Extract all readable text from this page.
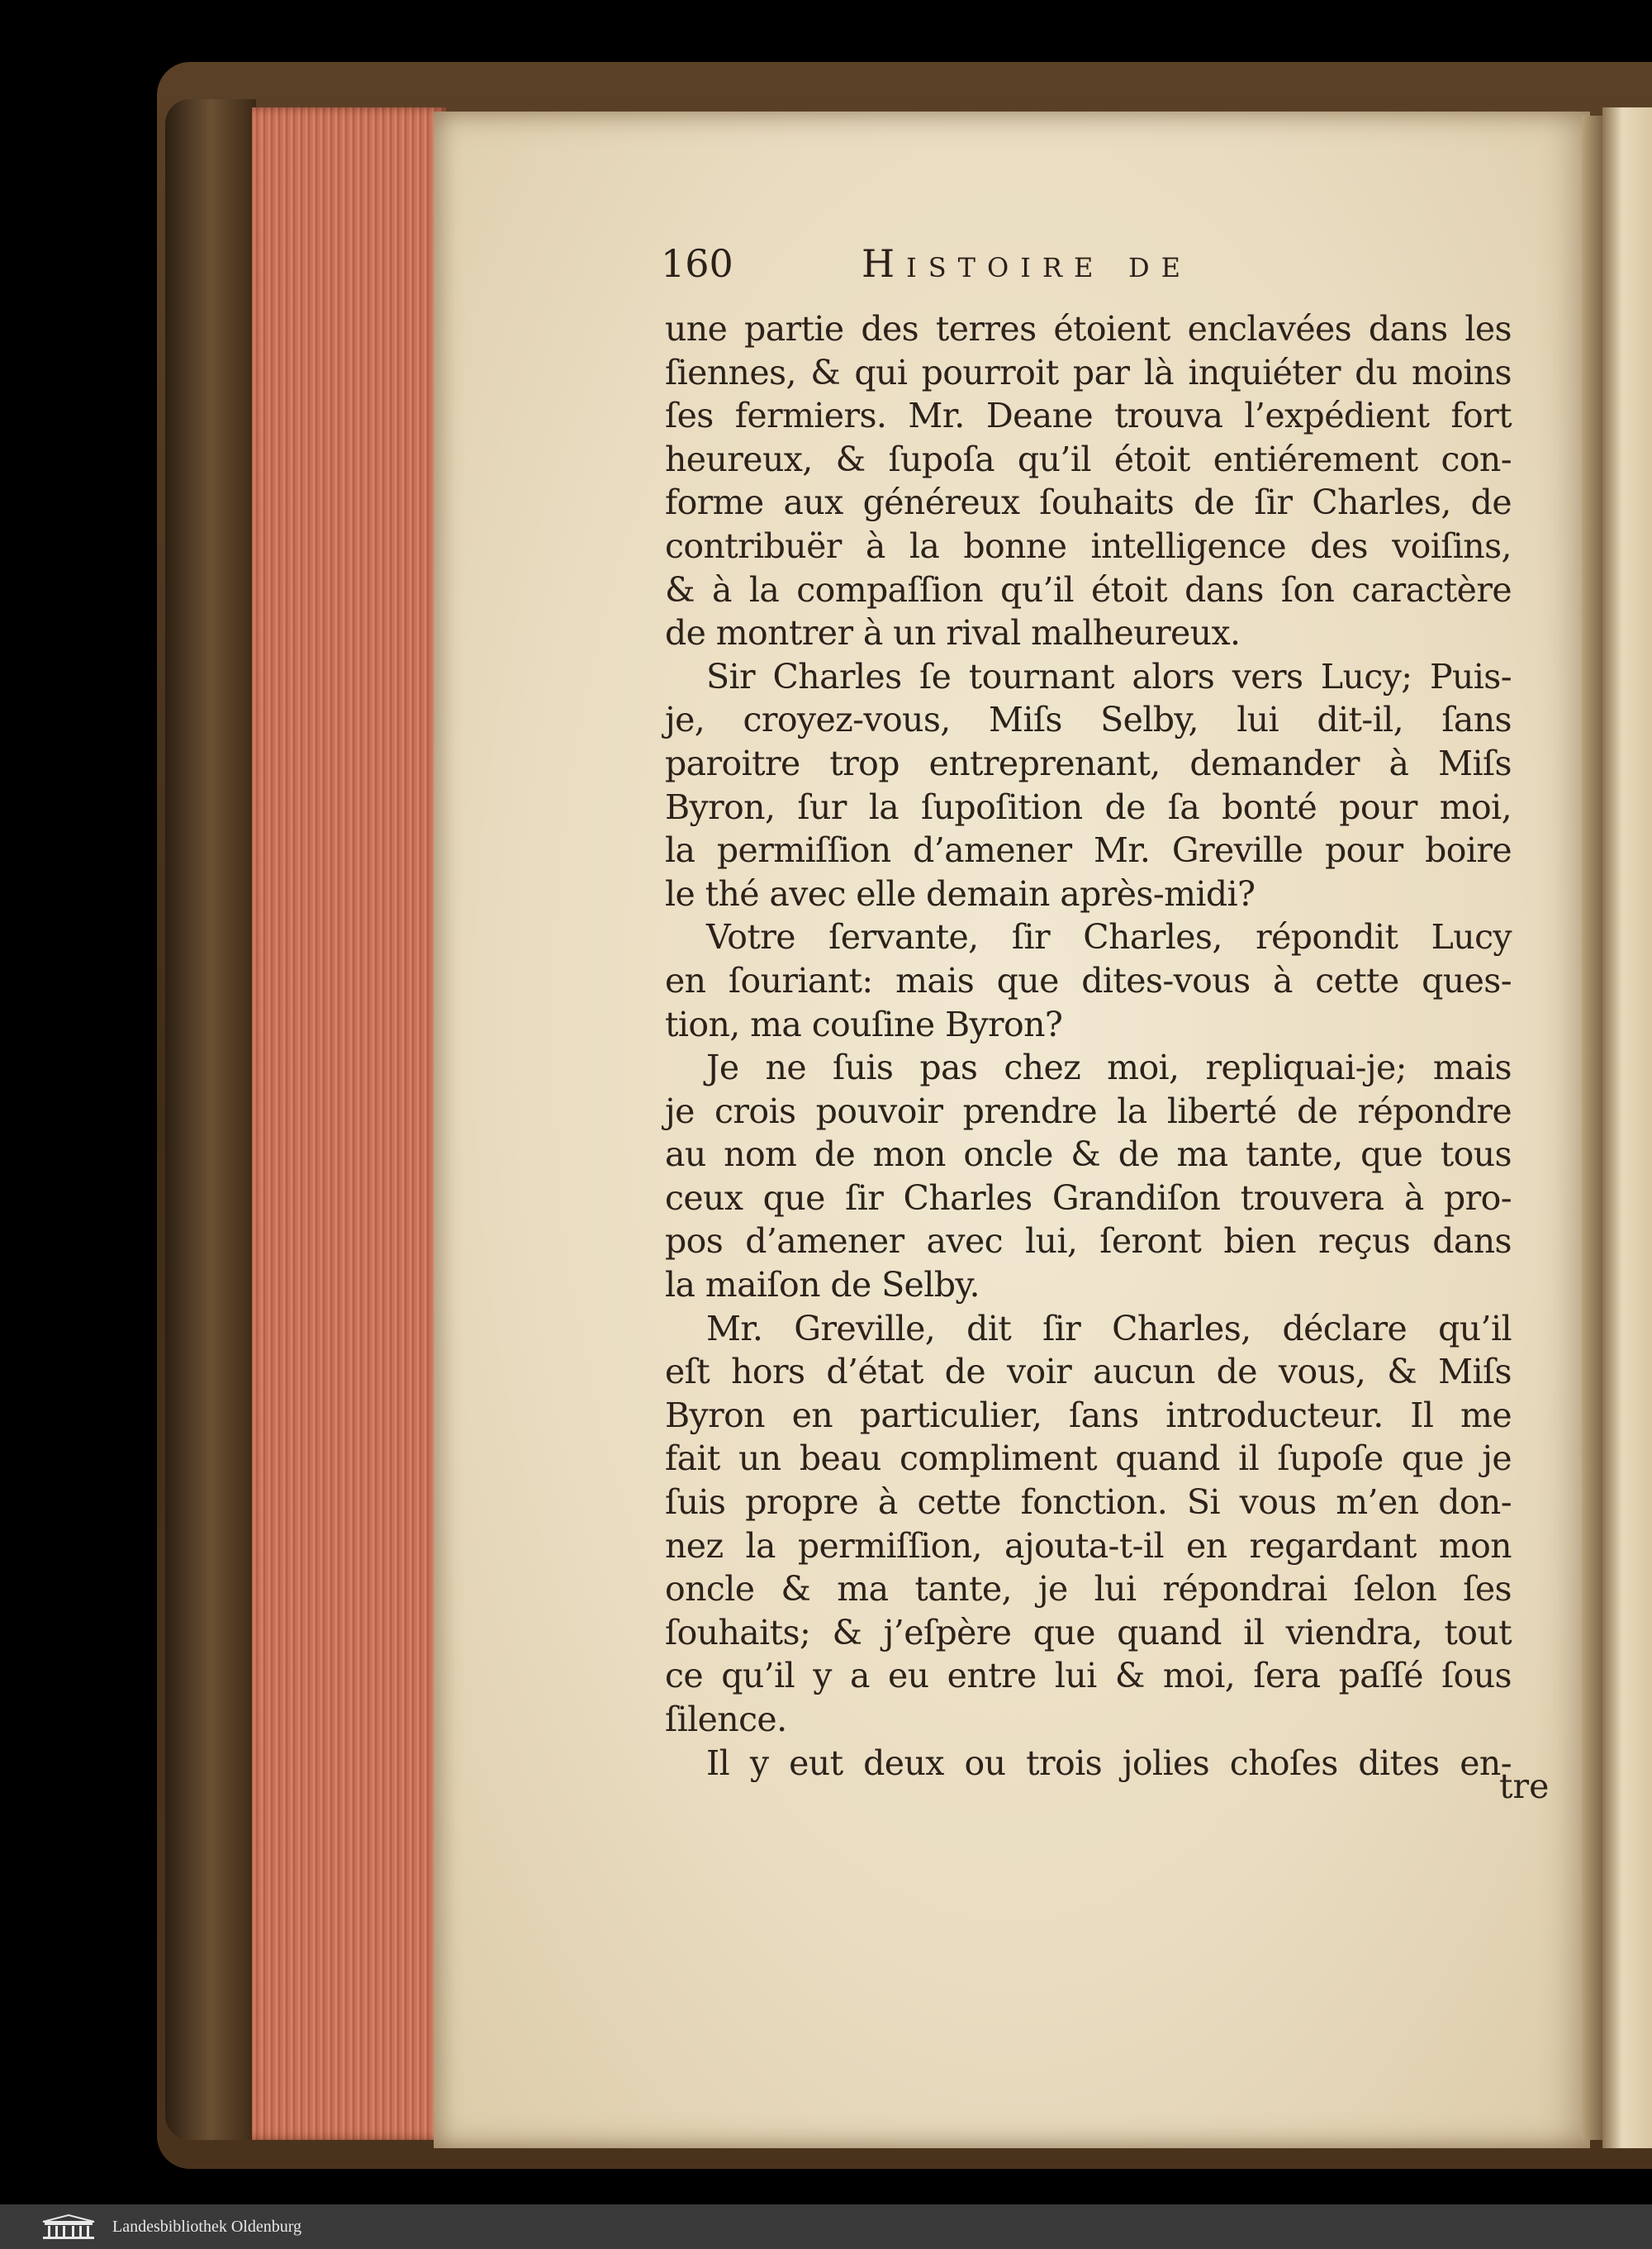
160	Histoire de
une partie des terres étoient enclavées dans les
ſiennes, & qui pourroit par là inquiéter du moins
ſes fermiers. Mr. Deane trouva l’expédient fort
heureux, & ſupoſa qu’il étoit entiérement con-
forme aux généreux ſouhaits de ſir Charles, de
contribuër à la bonne intelligence des voiſins,
& à la compaſſion qu’il étoit dans ſon caractère
de montrer à un rival malheureux.
Sir Charles ſe tournant alors vers Lucy; Puis-
je, croyez-vous, Miſs Selby, lui dit-il, ſans
paroitre trop entreprenant, demander à Miſs
Byron, ſur la ſupoſition de ſa bonté pour moi,
la permiſſion d’amener Mr. Greville pour boire
le thé avec elle demain après-midi?
Votre ſervante, ſir Charles, répondit Lucy
en ſouriant: mais que dites-vous à cette ques-
tion, ma couſine Byron?
Je ne ſuis pas chez moi, repliquai-je; mais
je crois pouvoir prendre la liberté de répondre
au nom de mon oncle & de ma tante, que tous
ceux que ſir Charles Grandiſon trouvera à pro-
pos d’amener avec lui, ſeront bien reçus dans
la maiſon de Selby.
Mr. Greville, dit ſir Charles, déclare qu’il
eſt hors d’état de voir aucun de vous, & Miſs
Byron en particulier, ſans introducteur. Il me
fait un beau compliment quand il ſupoſe que je
ſuis propre à cette fonction. Si vous m’en don-
nez la permiſſion, ajouta-t-il en regardant mon
oncle & ma tante, je lui répondrai ſelon ſes
ſouhaits; & j’eſpère que quand il viendra, tout
ce qu’il y a eu entre lui & moi, ſera paſſé ſous
ſilence.
Il y eut deux ou trois jolies choſes dites en-
tre
Landesbibliothek Oldenburg
